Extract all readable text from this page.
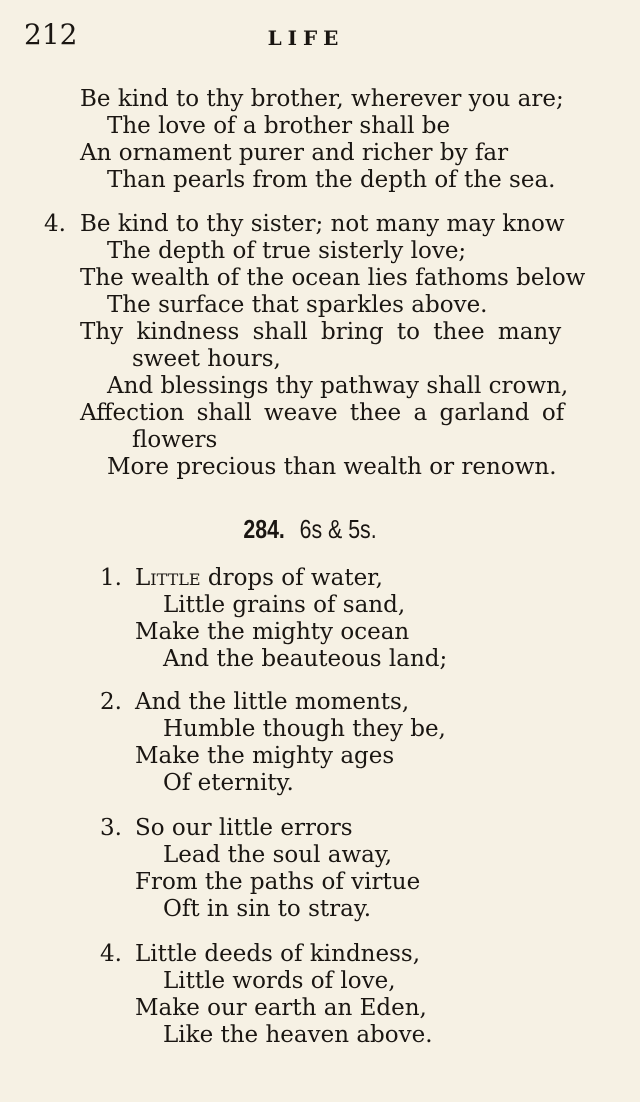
212	LIFE
Be kind to thy brother, wherever you are;
The love of a brother shall be
An ornament purer and richer by far
Than pearls from the depth of the sea.
4. Be kind to thy sister; not many may know
The depth of true sisterly love;
The wealth of the ocean lies fathoms below
The surface that sparkles above.
Thy kindness shall bring to thee many
sweet hours,
And blessings thy pathway shall crown,
Affection shall weave thee a garland of
flowers
More precious than wealth or renown.
284. 6s & 5s.
1. Little drops of water,
Little grains of sand,
Make the mighty ocean
And the beauteous land;
2. And the little moments,
Humble though they be,
Make the mighty ages
Of eternity.
3. So our little errors
Lead the soul away,
From the paths of virtue
Oft in sin to stray.
4. Little deeds of kindness,
Little words of love,
Make our earth an Eden,
Like the heaven above.
